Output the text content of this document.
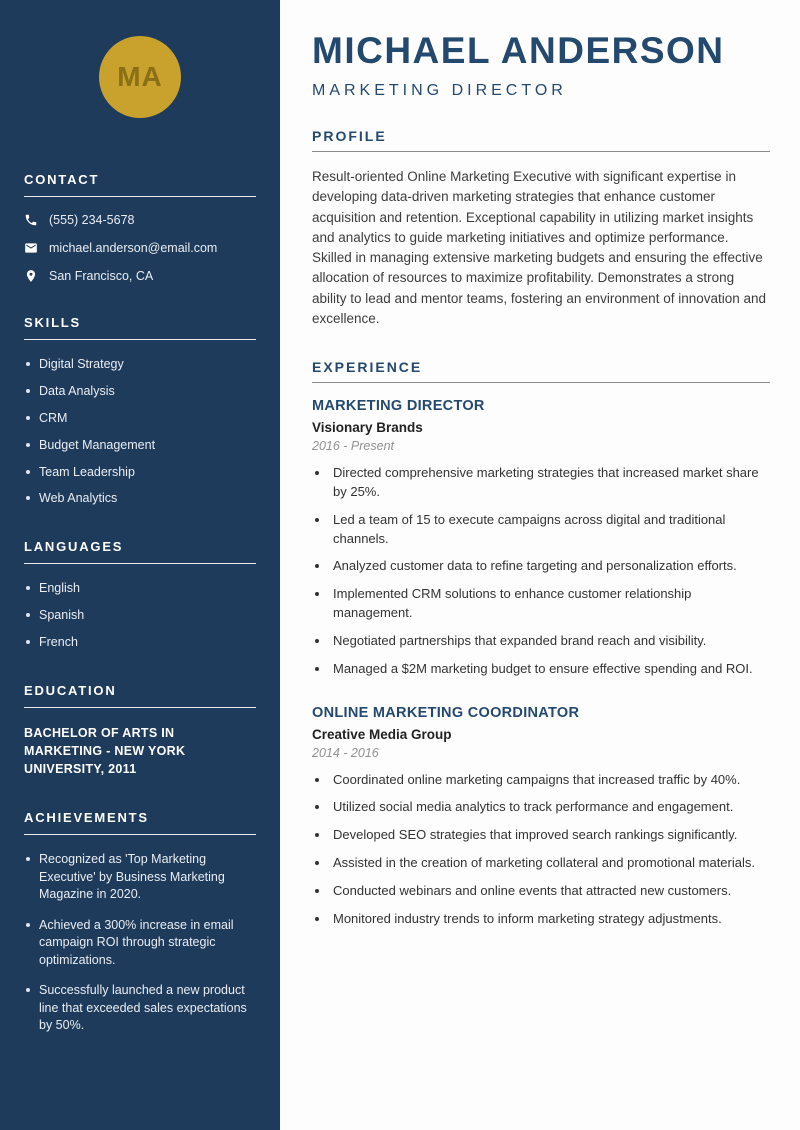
MA
CONTACT
(555) 234-5678
michael.anderson@email.com
San Francisco, CA
SKILLS
Digital Strategy
Data Analysis
CRM
Budget Management
Team Leadership
Web Analytics
LANGUAGES
English
Spanish
French
EDUCATION
BACHELOR OF ARTS IN MARKETING - NEW YORK UNIVERSITY, 2011
ACHIEVEMENTS
Recognized as 'Top Marketing Executive' by Business Marketing Magazine in 2020.
Achieved a 300% increase in email campaign ROI through strategic optimizations.
Successfully launched a new product line that exceeded sales expectations by 50%.
MICHAEL ANDERSON
MARKETING DIRECTOR
PROFILE

Result-oriented Online Marketing Executive with significant expertise in developing data-driven marketing strategies that enhance customer acquisition and retention. Exceptional capability in utilizing market insights and analytics to guide marketing initiatives and optimize performance. Skilled in managing extensive marketing budgets and ensuring the effective allocation of resources to maximize profitability. Demonstrates a strong ability to lead and mentor teams, fostering an environment of innovation and excellence.

EXPERIENCE
MARKETING DIRECTOR
Visionary Brands
2016 - Present
• Directed comprehensive marketing strategies that increased market share by 25%.
• Led a team of 15 to execute campaigns across digital and traditional channels.
• Analyzed customer data to refine targeting and personalization efforts.
• Implemented CRM solutions to enhance customer relationship management.
• Negotiated partnerships that expanded brand reach and visibility.
• Managed a $2M marketing budget to ensure effective spending and ROI.
ONLINE MARKETING COORDINATOR
Creative Media Group
2014 - 2016
• Coordinated online marketing campaigns that increased traffic by 40%.
• Utilized social media analytics to track performance and engagement.
• Developed SEO strategies that improved search rankings significantly.
• Assisted in the creation of marketing collateral and promotional materials.
• Conducted webinars and online events that attracted new customers.
• Monitored industry trends to inform marketing strategy adjustments.
